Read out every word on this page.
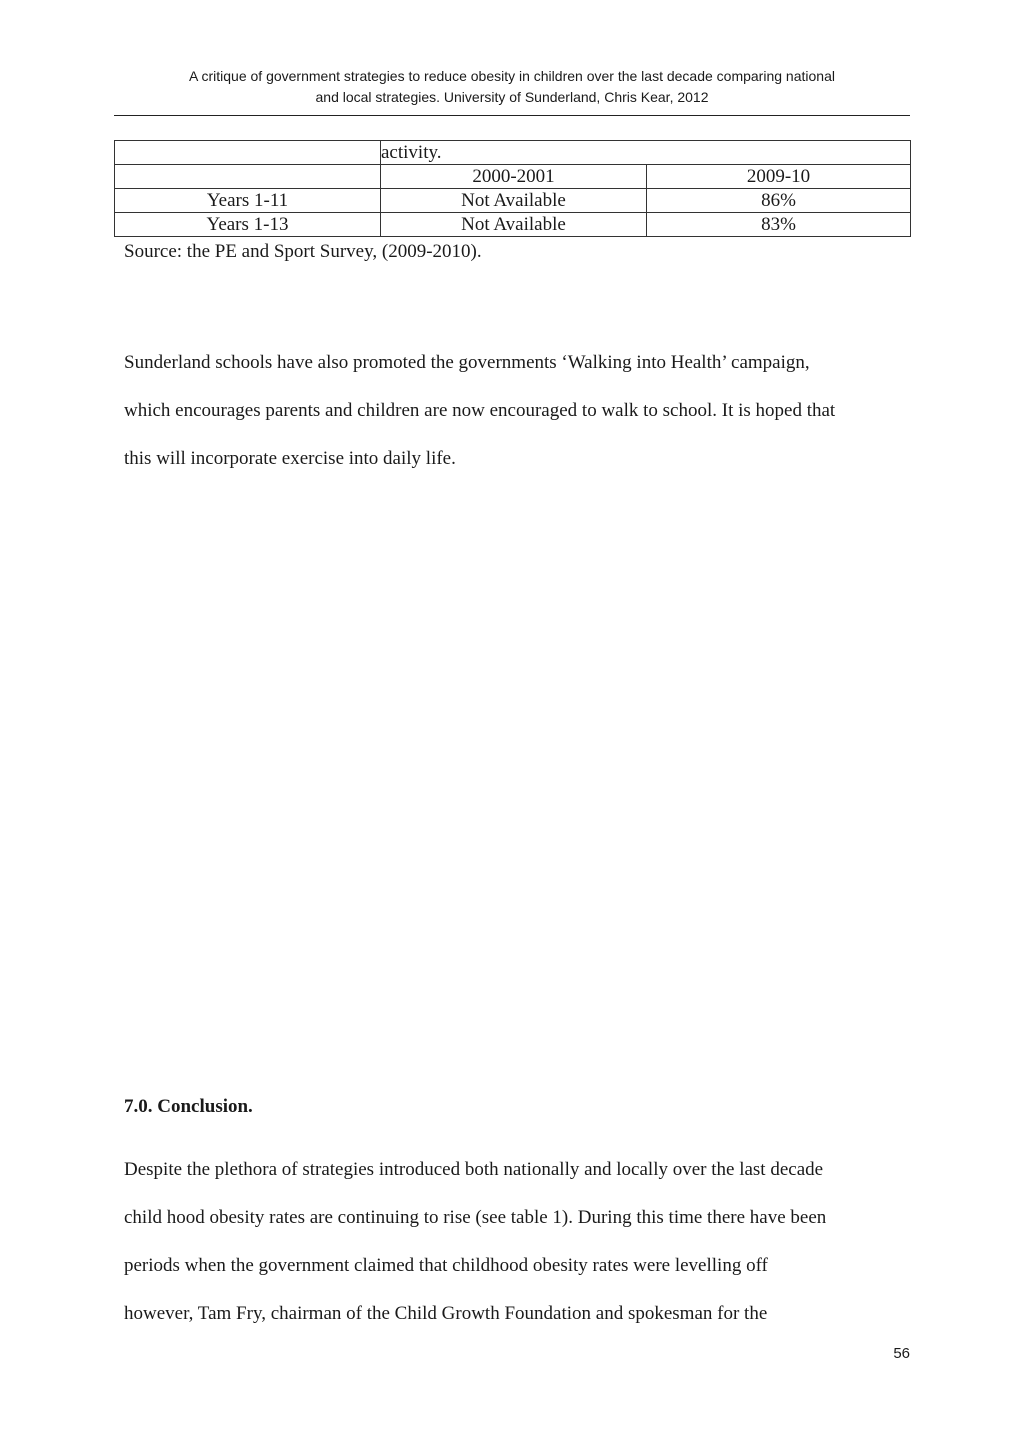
A critique of government strategies to reduce obesity in children over the last decade comparing national
and local strategies. University of Sunderland, Chris Kear, 2012
	activity.	
	2000-2001	2009-10
Years 1-11	Not Available	86%
Years 1-13	Not Available	83%
Source: the PE and Sport Survey, (2009-2010).

Sunderland schools have also promoted the governments ‘Walking into Health’ campaign,
which encourages parents and children are now encouraged to walk to school. It is hoped that
this will incorporate exercise into daily life.

7.0. Conclusion.

Despite the plethora of strategies introduced both nationally and locally over the last decade
child hood obesity rates are continuing to rise (see table 1). During this time there have been
periods when the government claimed that childhood obesity rates were levelling off
however, Tam Fry, chairman of the Child Growth Foundation and spokesman for the

56
